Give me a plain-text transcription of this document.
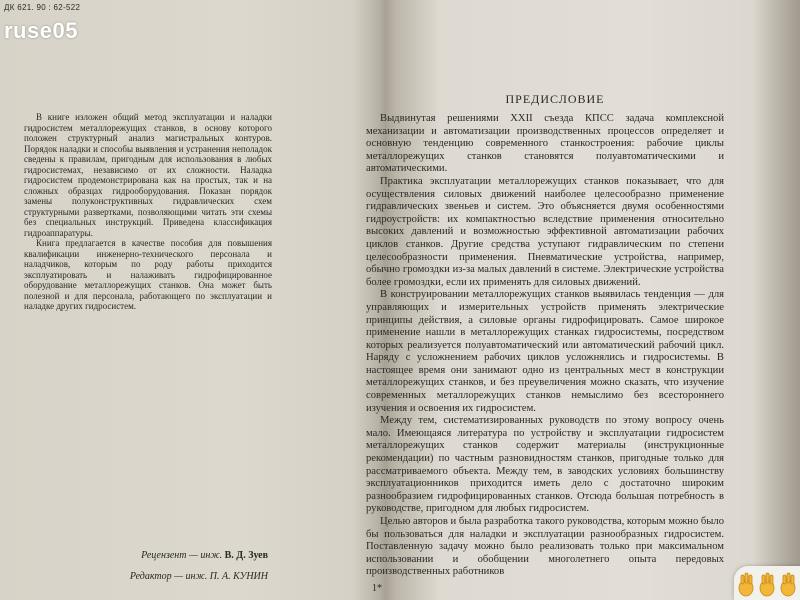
ДК 621. 90 : 62-522
ruse05

В книге изложен общий метод эксплуатации и наладки гидросистем металлорежущих станков, в основу которого положен структурный анализ магистральных контуров. Порядок наладки и способы выявления и устранения неполадок сведены к правилам, пригодным для использования в любых гидросистемах, независимо от их сложности. Наладка гидросистем продемонстрирована как на простых, так и на сложных образцах гидрооборудования. Показан порядок замены полуконструктивных гидравлических схем структурными развертками, позволяющими читать эти схемы без специальных инструкций. Приведена классификация гидроаппаратуры.

Книга предлагается в качестве пособия для повышения квалификации инженерно-технического персонала и наладчиков, которым по роду работы приходится эксплуатировать и налаживать гидрофицированное оборудование металлорежущих станков. Она может быть полезной и для персонала, работающего по эксплуатации и наладке других гидросистем.

Рецензент — инж. В. Д. Зуев
Редактор — инж. П. А. КУНИН
ПРЕДИСЛОВИЕ

Выдвинутая решениями XXII съезда КПСС задача комплексной механизации и автоматизации производственных процессов определяет и основную тенденцию современного станкостроения: рабочие циклы металлорежущих станков становятся полуавтоматическими и автоматическими.

Практика эксплуатации металлорежущих станков показывает, что для осуществления силовых движений наиболее целесообразно применение гидравлических звеньев и систем. Это объясняется двумя особенностями гидроустройств: их компактностью вследствие применения относительно высоких давлений и возможностью эффективной автоматизации рабочих циклов станков. Другие средства уступают гидравлическим по степени целесообразности применения. Пневматические устройства, например, обычно громоздки из-за малых давлений в системе. Электрические устройства более громоздки, если их применять для силовых движений.

В конструировании металлорежущих станков выявилась тенденция — для управляющих и измерительных устройств применять электрические принципы действия, а силовые органы гидрофицировать. Самое широкое применение нашли в металлорежущих станках гидросистемы, посредством которых реализуется полуавтоматический или автоматический рабочий цикл. Наряду с усложнением рабочих циклов усложнялись и гидросистемы. В настоящее время они занимают одно из центральных мест в конструкции металлорежущих станков, и без преувеличения можно сказать, что изучение современных металлорежущих станков немыслимо без всестороннего изучения и освоения их гидросистем.

Между тем, систематизированных руководств по этому вопросу очень мало. Имеющаяся литература по устройству и эксплуатации гидросистем металлорежущих станков содержит материалы (инструкционные рекомендации) по частным разновидностям станков, пригодные только для рассматриваемого объекта. Между тем, в заводских условиях большинству эксплуатационников приходится иметь дело с достаточно широким разнообразием гидрофицированных станков. Отсюда большая потребность в руководстве, пригодном для любых гидросистем.

Целью авторов и была разработка такого руководства, которым можно было бы пользоваться для наладки и эксплуатации разнообразных гидросистем. Поставленную задачу можно было реализовать только при максимальном использовании и обобщении многолетнего опыта передовых производственных работников

1*
